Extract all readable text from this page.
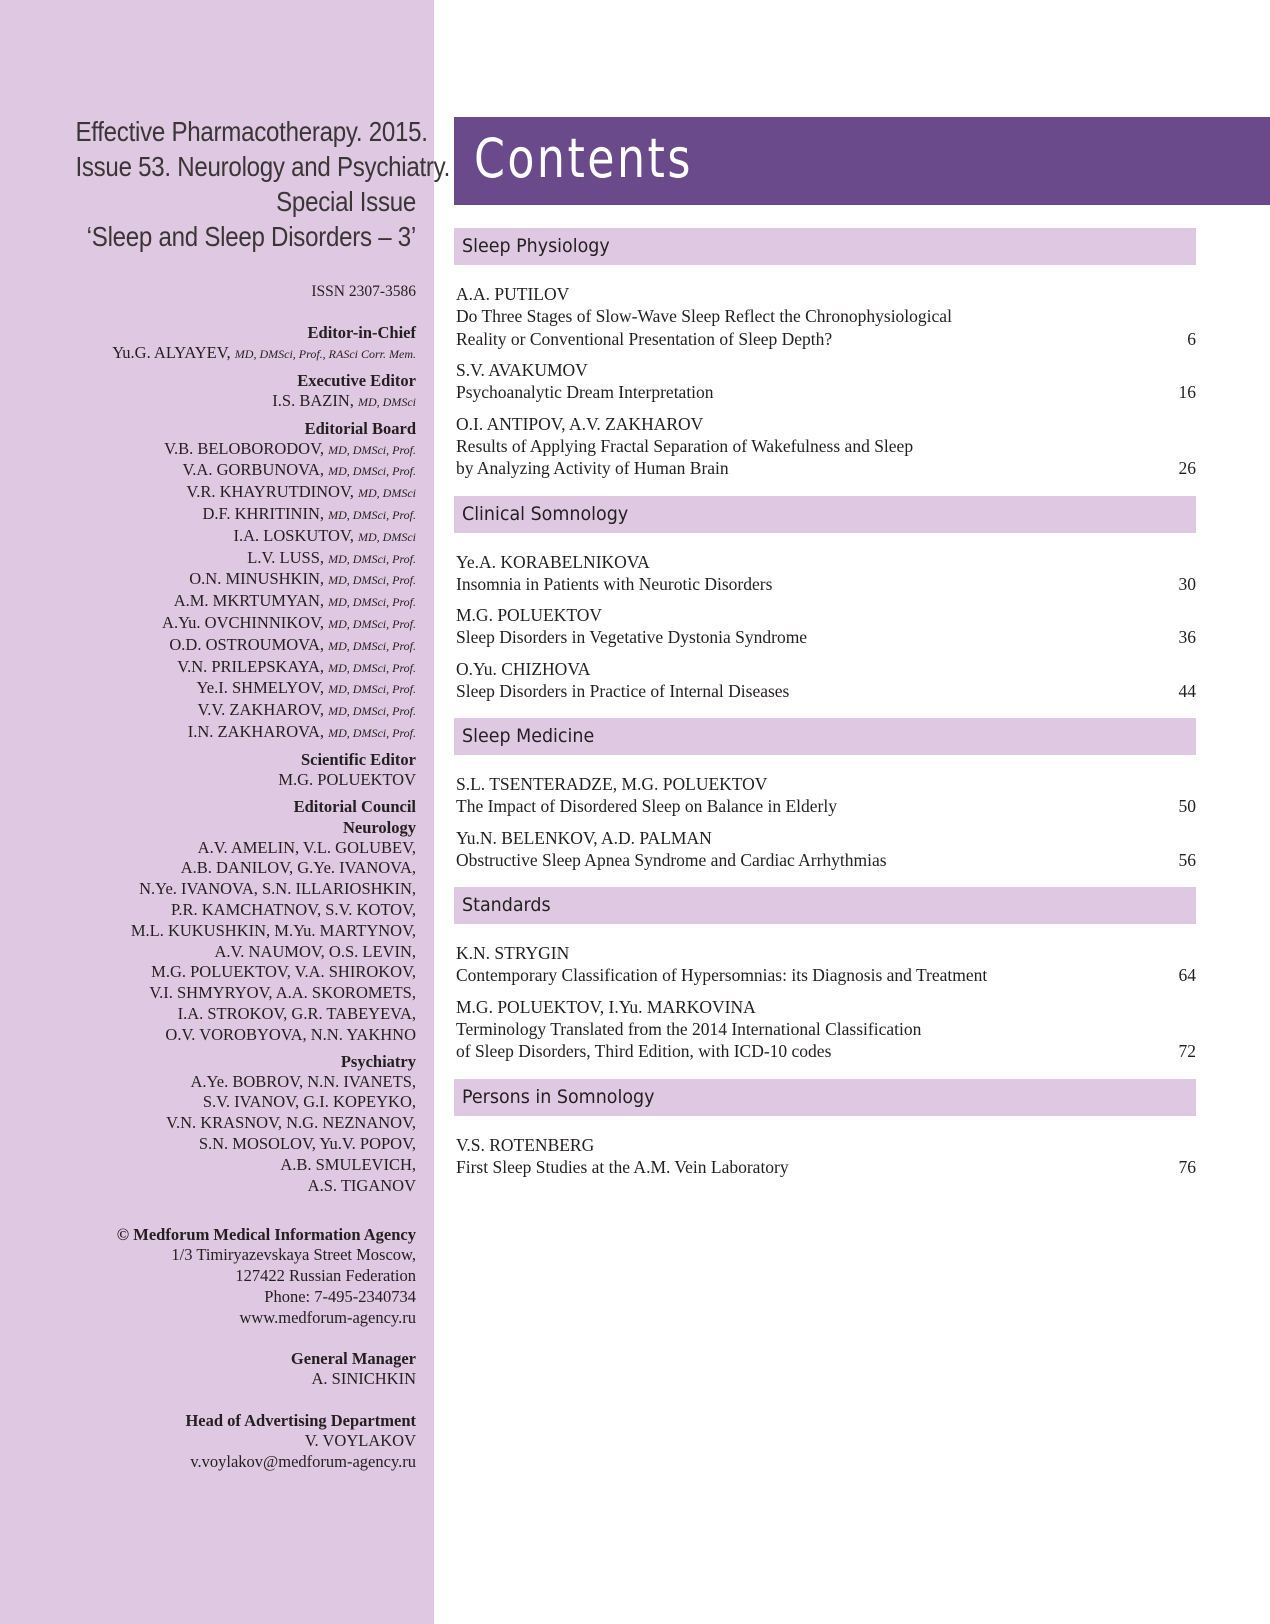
Effective Pharmacotherapy. 2015.
Issue 53. Neurology and Psychiatry.
Special Issue
‘Sleep and Sleep Disorders – 3’
ISSN 2307-3586
Editor-in-Chief
Yu.G. ALYAYEV, MD, DMSci, Prof., RASci Corr. Mem.
Executive Editor
I.S. BAZIN, MD, DMSci
Editorial Board
V.B. BELOBORODOV, MD, DMSci, Prof.
V.A. GORBUNOVA, MD, DMSci, Prof.
V.R. KHAYRUTDINOV, MD, DMSci
D.F. KHRITININ, MD, DMSci, Prof.
I.A. LOSKUTOV, MD, DMSci
L.V. LUSS, MD, DMSci, Prof.
O.N. MINUSHKIN, MD, DMSci, Prof.
A.M. MKRTUMYAN, MD, DMSci, Prof.
A.Yu. OVCHINNIKOV, MD, DMSci, Prof.
O.D. OSTROUMOVA, MD, DMSci, Prof.
V.N. PRILEPSKAYA, MD, DMSci, Prof.
Ye.I. SHMELYOV, MD, DMSci, Prof.
V.V. ZAKHAROV, MD, DMSci, Prof.
I.N. ZAKHAROVA, MD, DMSci, Prof.
Scientific Editor
M.G. POLUEKTOV
Editorial Council
Neurology
A.V. AMELIN, V.L. GOLUBEV,
A.B. DANILOV, G.Ye. IVANOVA,
N.Ye. IVANOVA, S.N. ILLARIOSHKIN,
P.R. KAMCHATNOV, S.V. KOTOV,
M.L. KUKUSHKIN, M.Yu. MARTYNOV,
A.V. NAUMOV, O.S. LEVIN,
M.G. POLUEKTOV, V.A. SHIROKOV,
V.I. SHMYRYOV, A.A. SKOROMETS,
I.A. STROKOV, G.R. TABEYEVA,
O.V. VOROBYOVA, N.N. YAKHNO
Psychiatry
A.Ye. BOBROV, N.N. IVANETS,
S.V. IVANOV, G.I. KOPEYKO,
V.N. KRASNOV, N.G. NEZNANOV,
S.N. MOSOLOV, Yu.V. POPOV,
A.B. SMULEVICH,
A.S. TIGANOV
© Medforum Medical Information Agency
1/3 Timiryazevskaya Street Moscow,
127422 Russian Federation
Phone: 7-495-2340734
www.medforum-agency.ru
General Manager
A. SINICHKIN
Head of Advertising Department
V. VOYLAKOV
v.voylakov@medforum-agency.ru
Contents
Sleep Physiology
A.A. PUTILOV
Do Three Stages of Slow-Wave Sleep Reflect the Chronophysiological
Reality or Conventional Presentation of Sleep Depth?	6
S.V. AVAKUMOV
Psychoanalytic Dream Interpretation	16
O.I. ANTIPOV, A.V. ZAKHAROV
Results of Applying Fractal Separation of Wakefulness and Sleep
by Analyzing Activity of Human Brain	26
Clinical Somnology
Ye.A. KORABELNIKOVA
Insomnia in Patients with Neurotic Disorders	30
M.G. POLUEKTOV
Sleep Disorders in Vegetative Dystonia Syndrome	36
O.Yu. CHIZHOVA
Sleep Disorders in Practice of Internal Diseases	44
Sleep Medicine
S.L. TSENTERADZE, M.G. POLUEKTOV
The Impact of Disordered Sleep on Balance in Elderly	50
Yu.N. BELENKOV, A.D. PALMAN
Obstructive Sleep Apnea Syndrome and Cardiac Arrhythmias	56
Standards
K.N. STRYGIN
Contemporary Classification of Hypersomnias: its Diagnosis and Treatment	64
M.G. POLUEKTOV, I.Yu. MARKOVINA
Terminology Translated from the 2014 International Classification
of Sleep Disorders, Third Edition, with ICD-10 codes	72
Persons in Somnology
V.S. ROTENBERG
First Sleep Studies at the A.M. Vein Laboratory	76
